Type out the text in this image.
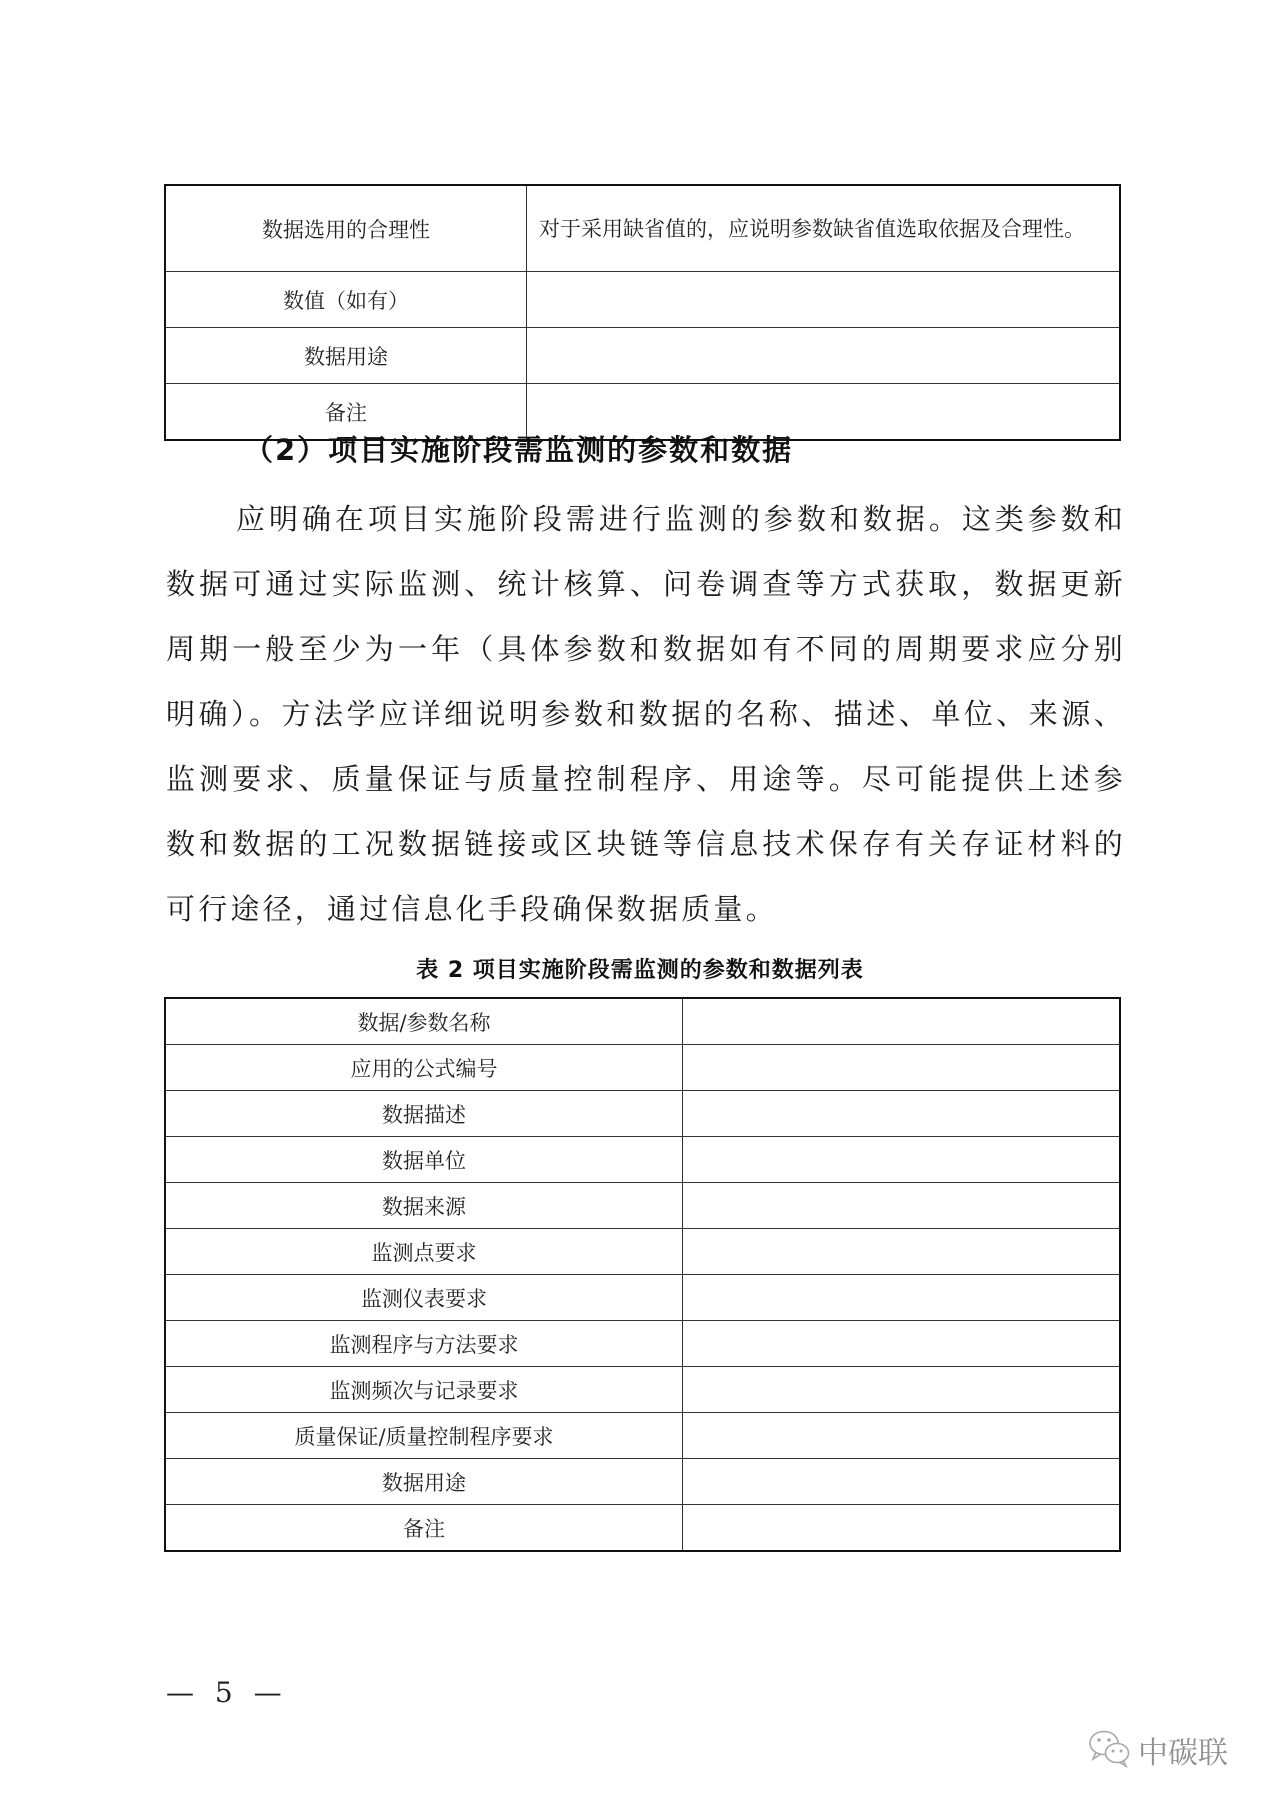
数据选用的合理性	对于采用缺省值的，应说明参数缺省值选取依据及合理性。
数值（如有）	
数据用途	
备注	
（2）项目实施阶段需监测的参数和数据
应明确在项目实施阶段需进行监测的参数和数据。这类参数和数据可通过实际监测、统计核算、问卷调查等方式获取，数据更新周期一般至少为一年（具体参数和数据如有不同的周期要求应分别明确）。方法学应详细说明参数和数据的名称、描述、单位、来源、监测要求、质量保证与质量控制程序、用途等。尽可能提供上述参数和数据的工况数据链接或区块链等信息技术保存有关存证材料的可行途径，通过信息化手段确保数据质量。
表 2 项目实施阶段需监测的参数和数据列表
数据/参数名称	
应用的公式编号	
数据描述	
数据单位	
数据来源	
监测点要求	
监测仪表要求	
监测程序与方法要求	
监测频次与记录要求	
质量保证/质量控制程序要求	
数据用途	
备注	
— 5 —
中碳联
